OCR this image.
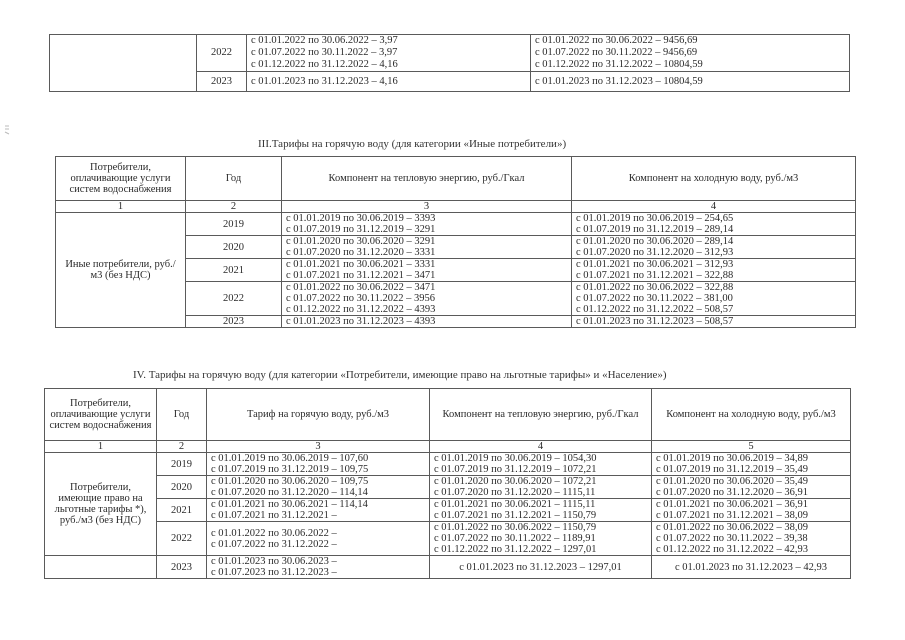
	2022	с 01.01.2022 по 30.06.2022 – 3,97
с 01.07.2022 по 30.11.2022 – 3,97
с 01.12.2022 по 31.12.2022 – 4,16	с 01.01.2022 по 30.06.2022 – 9456,69
с 01.07.2022 по 30.11.2022 – 9456,69
с 01.12.2022 по 31.12.2022 – 10804,59

	2023	с 01.01.2023 по 31.12.2023 – 4,16	с 01.01.2023 по 31.12.2023 – 10804,59
III.Тарифы на горячую воду (для категории «Иные потребители»)
Потребители, оплачивающие услуги систем водоснабжения	Год	Компонент на тепловую энергию, руб./Гкал	Компонент на холодную воду, руб./м3
1	2	3	4
Иные потребители, руб./м3 (без НДС)	2019	с 01.01.2019 по 30.06.2019 – 3393
с 01.07.2019 по 31.12.2019 – 3291	с 01.01.2019 по 30.06.2019 – 254,65
с 01.07.2019 по 31.12.2019 – 289,14

	2020	с 01.01.2020 по 30.06.2020 – 3291
с 01.07.2020 по 31.12.2020 – 3331	с 01.01.2020 по 30.06.2020 – 289,14
с 01.07.2020 по 31.12.2020 – 312,93

	2021	с 01.01.2021 по 30.06.2021 – 3331
с 01.07.2021 по 31.12.2021 – 3471	с 01.01.2021 по 30.06.2021 – 312,93
с 01.07.2021 по 31.12.2021 – 322,88

	2022	с 01.01.2022 по 30.06.2022 – 3471
с 01.07.2022 по 30.11.2022 – 3956
с 01.12.2022 по 31.12.2022 – 4393	с 01.01.2022 по 30.06.2022 – 322,88
с 01.07.2022 по 30.11.2022 – 381,00
с 01.12.2022 по 31.12.2022 – 508,57

	2023	с 01.01.2023 по 31.12.2023 – 4393	с 01.01.2023 по 31.12.2023 – 508,57
IV. Тарифы на горячую воду (для категории «Потребители, имеющие право на льготные тарифы» и «Население»)
Потребители, оплачивающие услуги систем водоснабжения	Год	Тариф на горячую воду, руб./м3	Компонент на тепловую энергию, руб./Гкал	Компонент на холодную воду, руб./м3
1	2	3	4	5
Потребители, имеющие право на льготные тарифы *), руб./м3 (без НДС)	2019	с 01.01.2019 по 30.06.2019 – 107,60
с 01.07.2019 по 31.12.2019 – 109,75	с 01.01.2019 по 30.06.2019 – 1054,30
с 01.07.2019 по 31.12.2019 – 1072,21	с 01.01.2019 по 30.06.2019 – 34,89
с 01.07.2019 по 31.12.2019 – 35,49

	2020	с 01.01.2020 по 30.06.2020 – 109,75
с 01.07.2020 по 31.12.2020 – 114,14	с 01.01.2020 по 30.06.2020 – 1072,21
с 01.07.2020 по 31.12.2020 – 1115,11	с 01.01.2020 по 30.06.2020 – 35,49
с 01.07.2020 по 31.12.2020 – 36,91

	2021	с 01.01.2021 по 30.06.2021 – 114,14
с 01.07.2021 по 31.12.2021 –	с 01.01.2021 по 30.06.2021 – 1115,11
с 01.07.2021 по 31.12.2021 – 1150,79	с 01.01.2021 по 30.06.2021 – 36,91
с 01.07.2021 по 31.12.2021 – 38,09

	2022	с 01.01.2022 по 30.06.2022 –
с 01.07.2022 по 31.12.2022 –	с 01.01.2022 по 30.06.2022 – 1150,79
с 01.07.2022 по 30.11.2022 – 1189,91
с 01.12.2022 по 31.12.2022 – 1297,01	с 01.01.2022 по 30.06.2022 – 38,09
с 01.07.2022 по 30.11.2022 – 39,38
с 01.12.2022 по 31.12.2022 – 42,93

	2023	с 01.01.2023 по 30.06.2023 –
с 01.07.2023 по 31.12.2023 –	с 01.01.2023 по 31.12.2023 – 1297,01	с 01.01.2023 по 31.12.2023 – 42,93
